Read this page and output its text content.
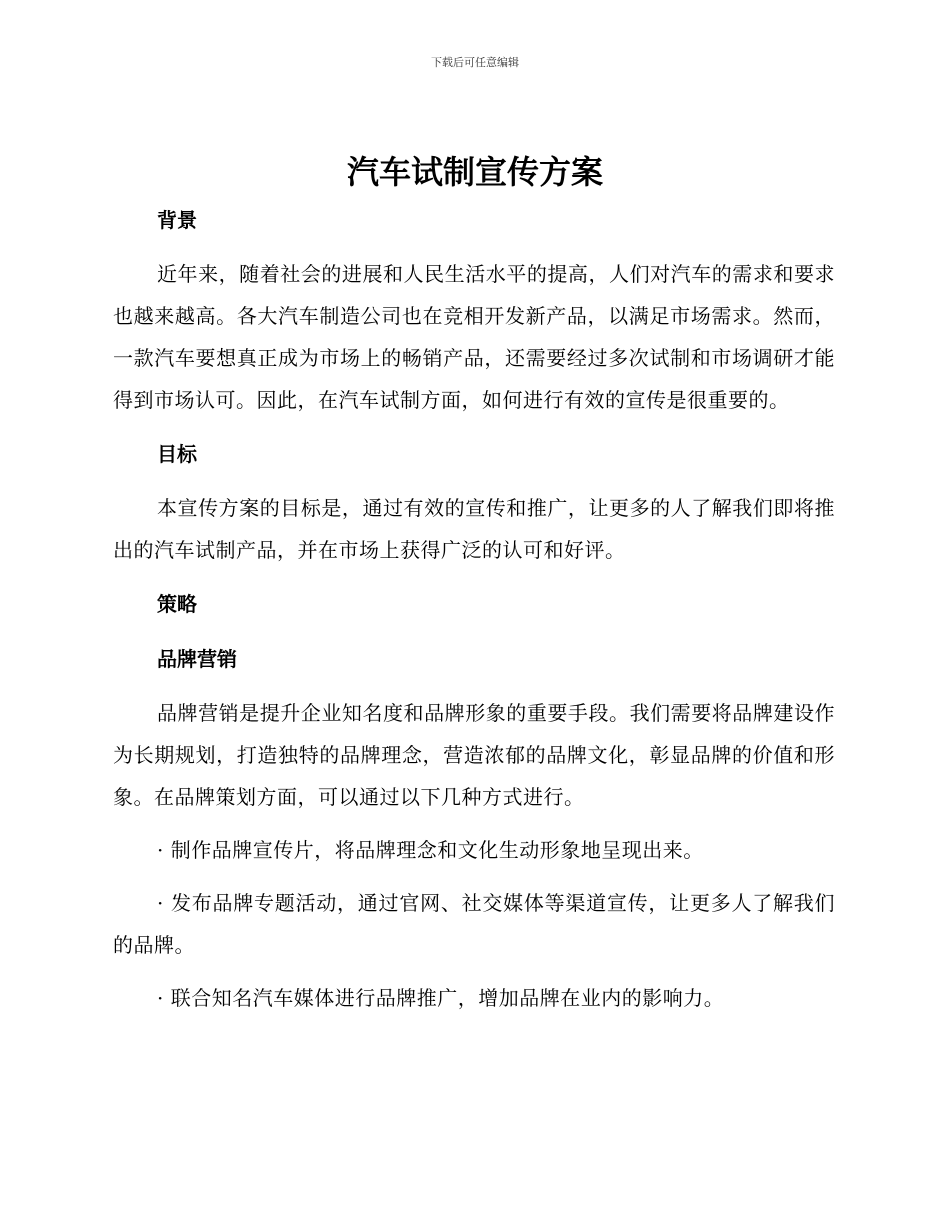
下载后可任意编辑
汽车试制宣传方案
背景

近年来，随着社会的进展和人民生活水平的提高，人们对汽车的需求和要求也越来越高。各大汽车制造公司也在竞相开发新产品，以满足市场需求。然而，一款汽车要想真正成为市场上的畅销产品，还需要经过多次试制和市场调研才能得到市场认可。因此，在汽车试制方面，如何进行有效的宣传是很重要的。

目标

本宣传方案的目标是，通过有效的宣传和推广，让更多的人了解我们即将推出的汽车试制产品，并在市场上获得广泛的认可和好评。

策略
品牌营销

品牌营销是提升企业知名度和品牌形象的重要手段。我们需要将品牌建设作为长期规划，打造独特的品牌理念，营造浓郁的品牌文化，彰显品牌的价值和形象。在品牌策划方面，可以通过以下几种方式进行。

· 制作品牌宣传片，将品牌理念和文化生动形象地呈现出来。

· 发布品牌专题活动，通过官网、社交媒体等渠道宣传，让更多人了解我们的品牌。

· 联合知名汽车媒体进行品牌推广，增加品牌在业内的影响力。
